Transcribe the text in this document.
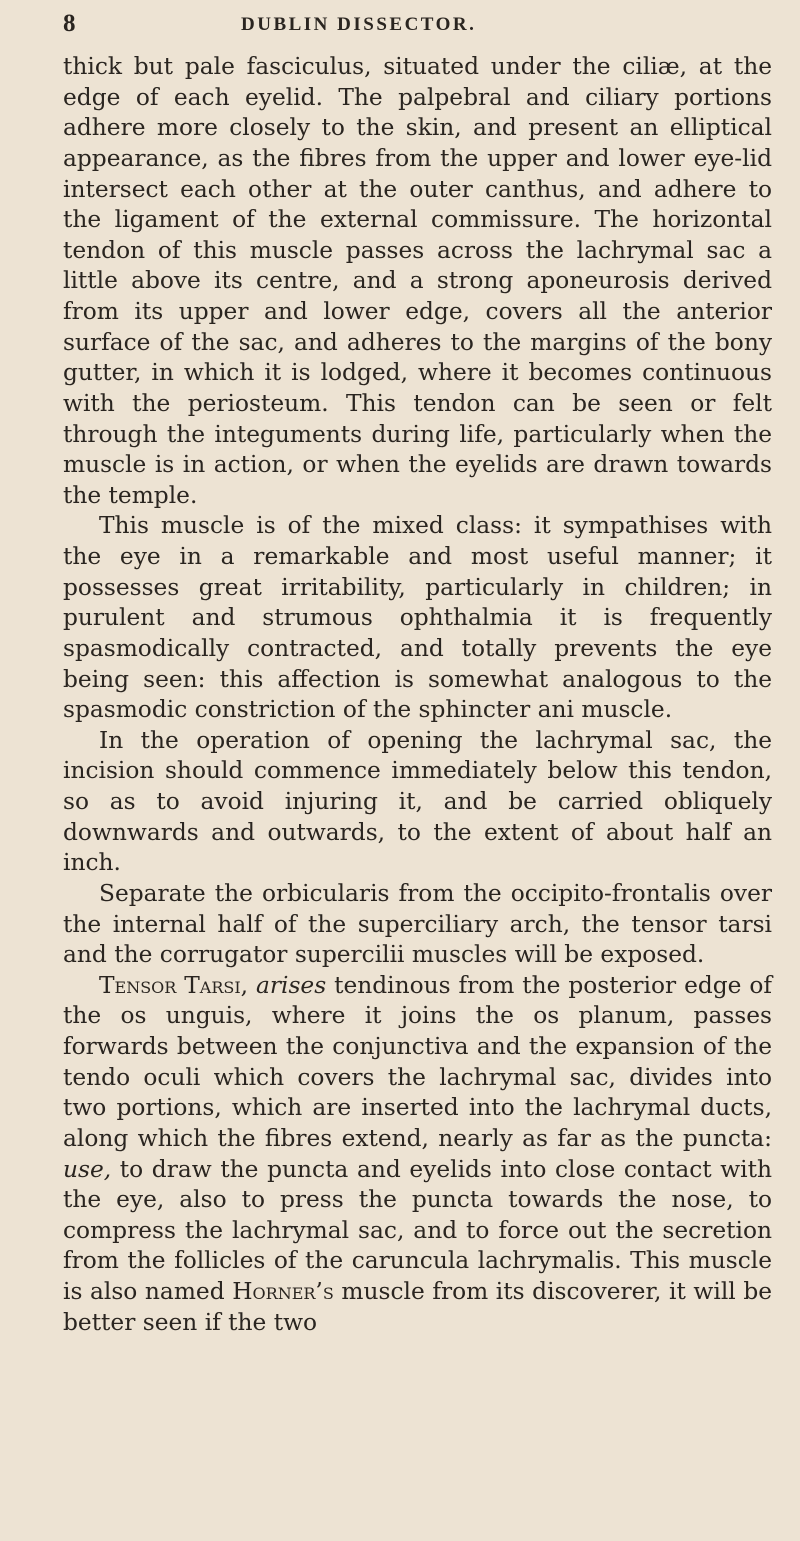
8	DUBLIN DISSECTOR.

thick but pale fasciculus, situated under the ciliæ, at the edge of each eyelid. The palpebral and ciliary portions adhere more closely to the skin, and present an elliptical appearance, as the fibres from the upper and lower eye-lid intersect each other at the outer canthus, and adhere to the ligament of the external commissure. The horizontal tendon of this muscle passes across the lachrymal sac a little above its centre, and a strong aponeurosis derived from its upper and lower edge, covers all the anterior surface of the sac, and adheres to the margins of the bony gutter, in which it is lodged, where it becomes continuous with the periosteum. This tendon can be seen or felt through the integuments during life, particularly when the muscle is in action, or when the eyelids are drawn towards the temple.

This muscle is of the mixed class: it sympathises with the eye in a remarkable and most useful manner; it possesses great irritability, particularly in children; in purulent and strumous ophthalmia it is frequently spasmodically contracted, and totally prevents the eye being seen: this affection is somewhat analogous to the spasmodic constriction of the sphincter ani muscle.

In the operation of opening the lachrymal sac, the incision should commence immediately below this tendon, so as to avoid injuring it, and be carried obliquely downwards and outwards, to the extent of about half an inch.

Separate the orbicularis from the occipito-frontalis over the internal half of the superciliary arch, the tensor tarsi and the corrugator supercilii muscles will be exposed.

Tensor Tarsi, arises tendinous from the posterior edge of the os unguis, where it joins the os planum, passes forwards between the conjunctiva and the expansion of the tendo oculi which covers the lachrymal sac, divides into two portions, which are inserted into the lachrymal ducts, along which the fibres extend, nearly as far as the puncta: use, to draw the puncta and eyelids into close contact with the eye, also to press the puncta towards the nose, to compress the lachrymal sac, and to force out the secretion from the follicles of the caruncula lachrymalis. This muscle is also named Horner’s muscle from its discoverer, it will be better seen if the two
